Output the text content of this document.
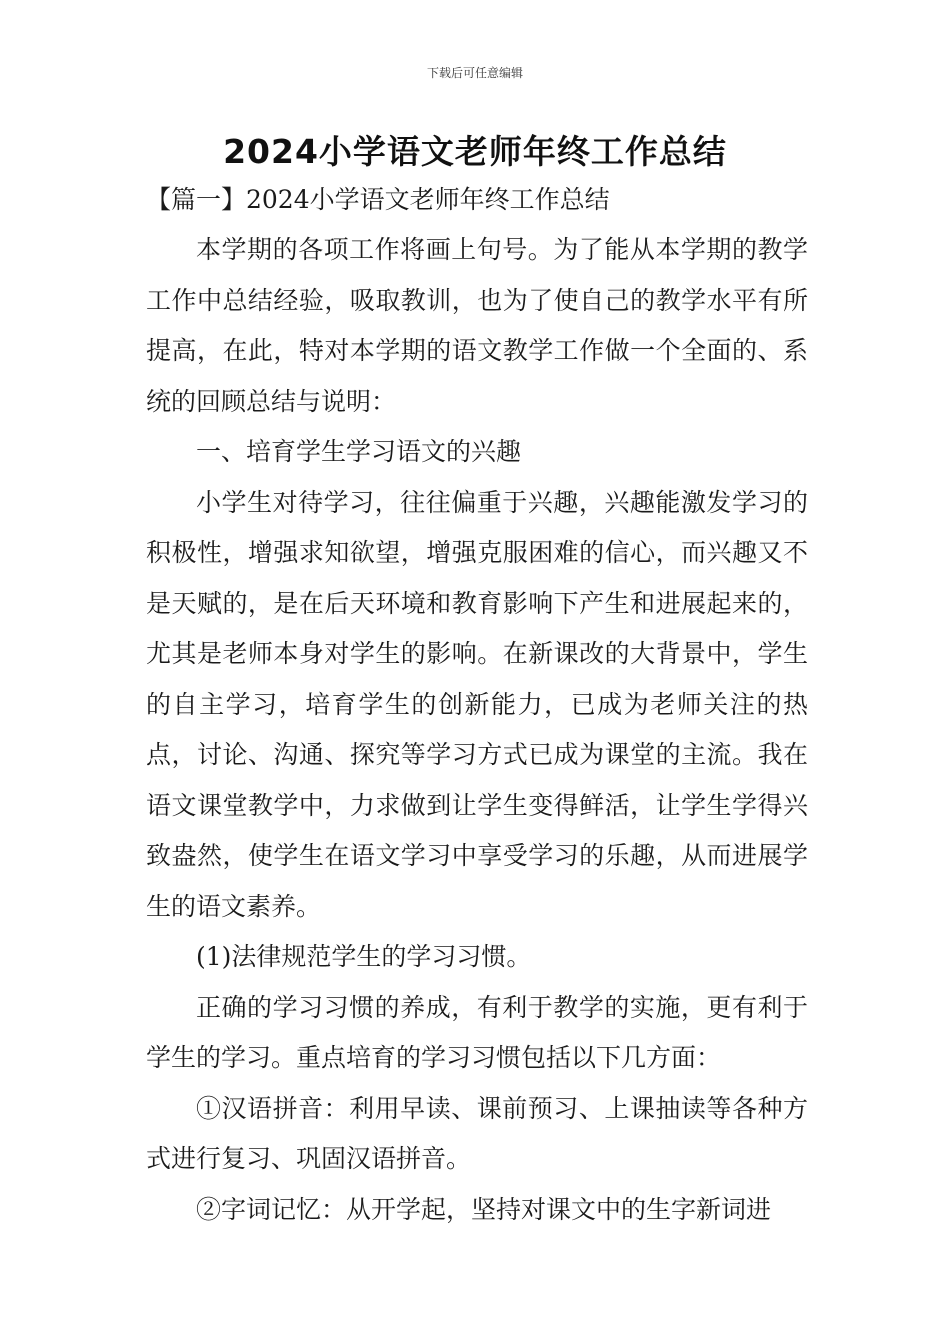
下载后可任意编辑
2024小学语文老师年终工作总结
【篇一】2024小学语文老师年终工作总结

本学期的各项工作将画上句号。为了能从本学期的教学工作中总结经验，吸取教训，也为了使自己的教学水平有所提高，在此，特对本学期的语文教学工作做一个全面的、系统的回顾总结与说明：

一、培育学生学习语文的兴趣

小学生对待学习，往往偏重于兴趣，兴趣能激发学习的积极性，增强求知欲望，增强克服困难的信心，而兴趣又不是天赋的，是在后天环境和教育影响下产生和进展起来的，尤其是老师本身对学生的影响。在新课改的大背景中，学生的自主学习，培育学生的创新能力，已成为老师关注的热点，讨论、沟通、探究等学习方式已成为课堂的主流。我在语文课堂教学中，力求做到让学生变得鲜活，让学生学得兴致盎然，使学生在语文学习中享受学习的乐趣，从而进展学生的语文素养。

(1)法律规范学生的学习习惯。

正确的学习习惯的养成，有利于教学的实施，更有利于学生的学习。重点培育的学习习惯包括以下几方面：

①汉语拼音：利用早读、课前预习、上课抽读等各种方式进行复习、巩固汉语拼音。

②字词记忆：从开学起，坚持对课文中的生字新词进
